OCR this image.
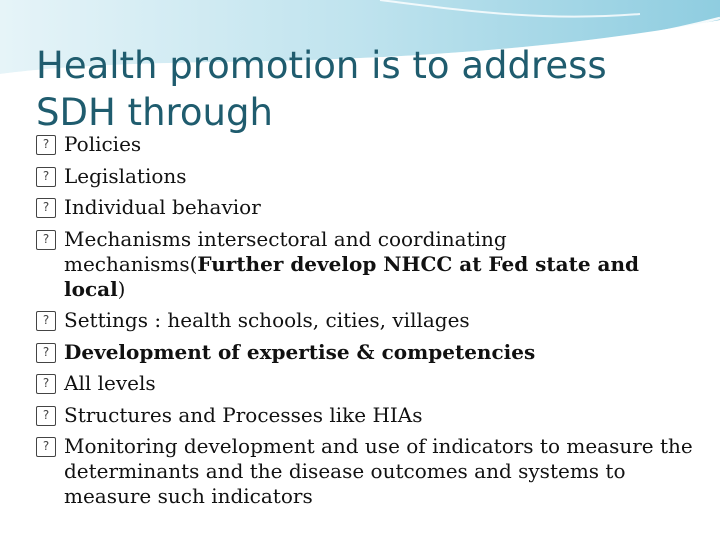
Health promotion is to address
SDH through
? Policies
? Legislations
? Individual behavior
? Mechanisms intersectoral and coordinating mechanisms(Further develop NHCC at Fed state and local)
? Settings : health schools, cities, villages
? Development of expertise & competencies
? All levels
? Structures and Processes like HIAs
? Monitoring development and use of indicators to measure the determinants and the disease outcomes and systems to measure such indicators
